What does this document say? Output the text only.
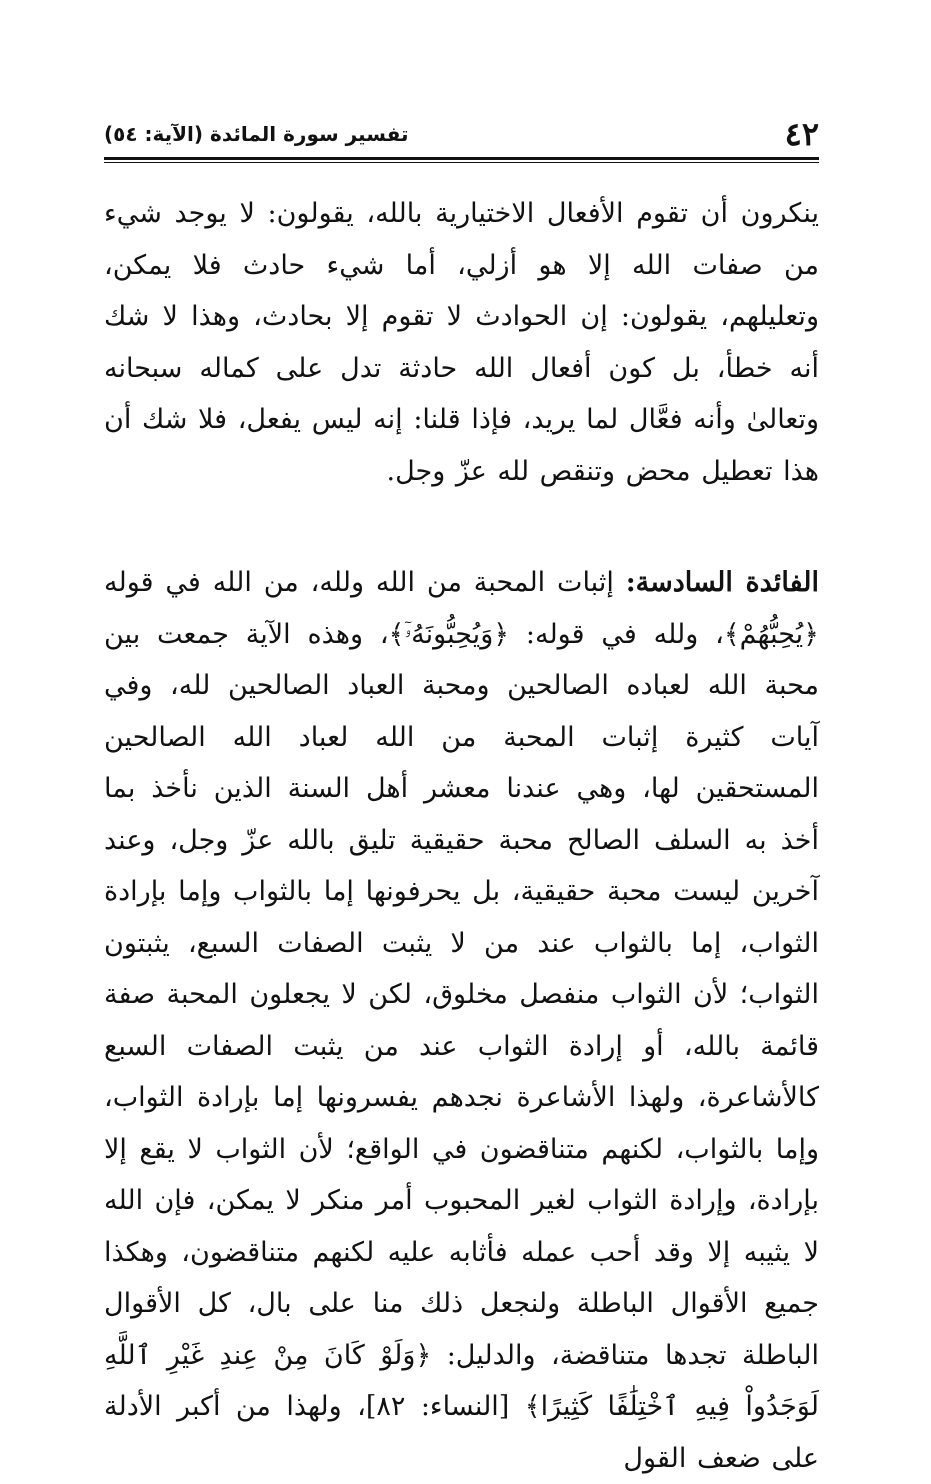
٤٢
تفسير سورة المائدة (الآية: ٥٤)

ينكرون أن تقوم الأفعال الاختيارية بالله، يقولون: لا يوجد شيء من صفات الله إلا هو أزلي، أما شيء حادث فلا يمكن، وتعليلهم، يقولون: إن الحوادث لا تقوم إلا بحادث، وهذا لا شك أنه خطأ، بل كون أفعال الله حادثة تدل على كماله سبحانه وتعالىٰ وأنه فعَّال لما يريد، فإذا قلنا: إنه ليس يفعل، فلا شك أن هذا تعطيل محض وتنقص لله عزّ وجل.

الفائدة السادسة: إثبات المحبة من الله ولله، من الله في قوله ﴿يُحِبُّهُمْ﴾، ولله في قوله: ﴿وَيُحِبُّونَهُۥٓ﴾، وهذه الآية جمعت بين محبة الله لعباده الصالحين ومحبة العباد الصالحين لله، وفي آيات كثيرة إثبات المحبة من الله لعباد الله الصالحين المستحقين لها، وهي عندنا معشر أهل السنة الذين نأخذ بما أخذ به السلف الصالح محبة حقيقية تليق بالله عزّ وجل، وعند آخرين ليست محبة حقيقية، بل يحرفونها إما بالثواب وإما بإرادة الثواب، إما بالثواب عند من لا يثبت الصفات السبع، يثبتون الثواب؛ لأن الثواب منفصل مخلوق، لكن لا يجعلون المحبة صفة قائمة بالله، أو إرادة الثواب عند من يثبت الصفات السبع كالأشاعرة، ولهذا الأشاعرة نجدهم يفسرونها إما بإرادة الثواب، وإما بالثواب، لكنهم متناقضون في الواقع؛ لأن الثواب لا يقع إلا بإرادة، وإرادة الثواب لغير المحبوب أمر منكر لا يمكن، فإن الله لا يثيبه إلا وقد أحب عمله فأثابه عليه لكنهم متناقضون، وهكذا جميع الأقوال الباطلة ولنجعل ذلك منا على بال، كل الأقوال الباطلة تجدها متناقضة، والدليل: ﴿وَلَوْ كَانَ مِنْ عِندِ غَيْرِ ٱللَّهِ لَوَجَدُواْ فِيهِ ٱخْتِلَٰفًا كَثِيرًا﴾ [النساء: ٨٢]، ولهذا من أكبر الأدلة على ضعف القول
